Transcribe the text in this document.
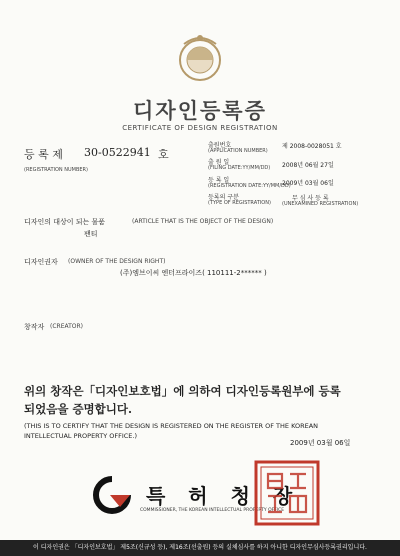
디자인등록증
CERTIFICATE OF DESIGN REGISTRATION
등 록 제 30-0522941 호
(REGISTRATION NUMBER)
출원번호
(APPLICATION NUMBER)
제 2008-0028051 호
출 원 일
(FILING DATE:YY/MM/DD) 2008년 06월 27일
등 록 일
(REGISTRATION DATE:YY/MM/DD)
2009년 03월 06일
등록의 구분
(TYPE OF REGISTRATION)
무 심 사 등 록
(UNEXAMINED REGISTRATION)
디자인의 대상이 되는 물품	(ARTICLE THAT IS THE OBJECT OF THE DESIGN)
팬티
디자인권자 (OWNER OF THE DESIGN RIGHT)
(주)엠브이씨 엔터프라이즈( 110111-2****** )
창작자 (CREATOR)
위의 창작은「디자인보호법」에 의하여 디자인등록원부에 등록
되었음을 증명합니다.
(THIS IS TO CERTIFY THAT THE DESIGN IS REGISTERED ON THE REGISTER OF THE KOREAN
INTELLECTUAL PROPERTY OFFICE.)
2009년 03월 06일
특 허 청 장
COMMISSIONER, THE KOREAN INTELLECTUAL PROPERTY OFFICE
이 디자인권은 「디자인보호법」 제5조(신규성 등), 제16조(선출원) 등의 실체심사를 하지 아니한 디자인무심사등록권리입니다.
